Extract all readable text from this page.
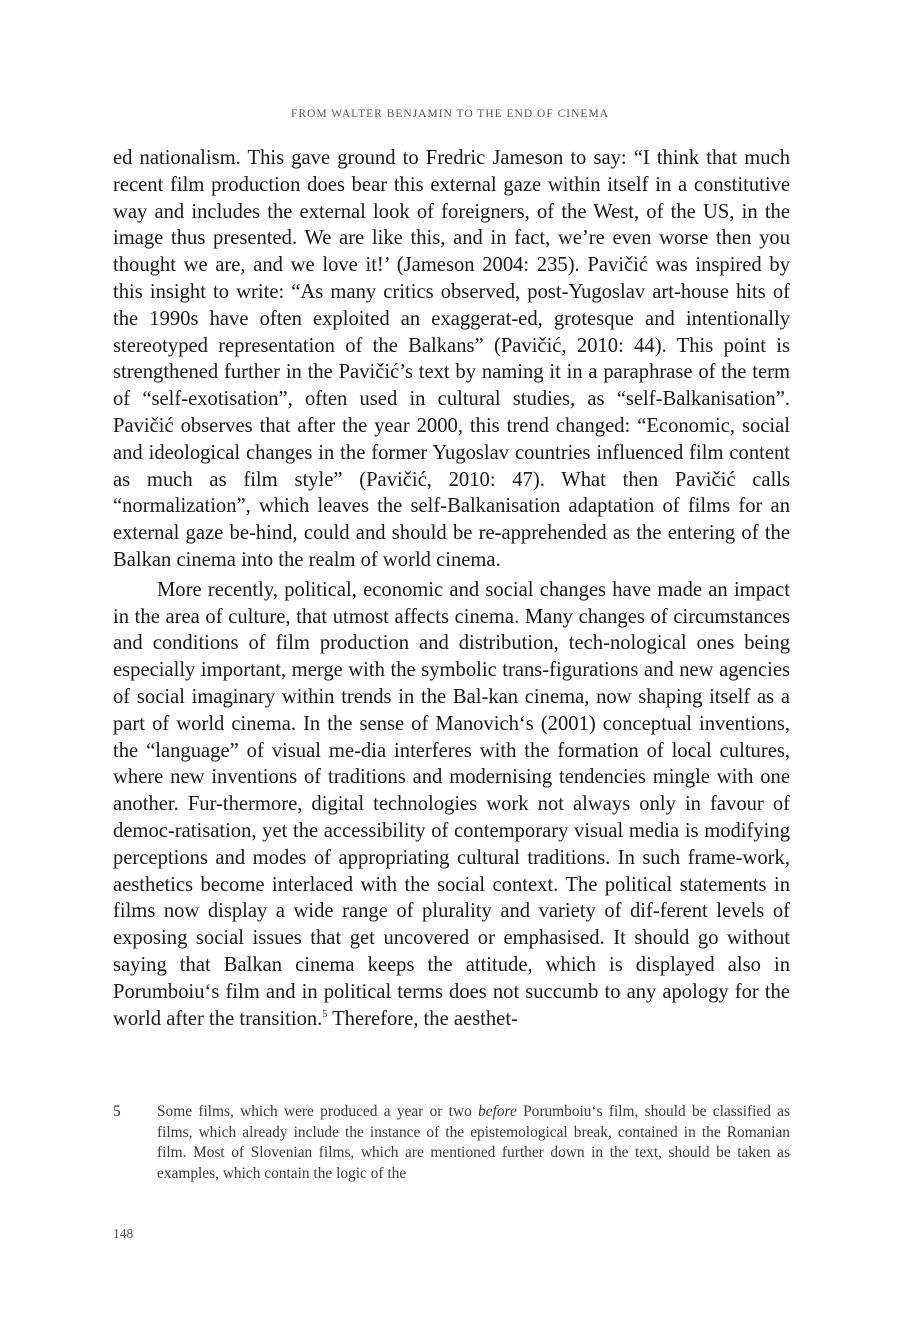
FROM WALTER BENJAMIN TO THE END OF CINEMA

ed nationalism. This gave ground to Fredric Jameson to say: “I think that much recent film production does bear this external gaze within itself in a constitutive way and includes the external look of foreigners, of the West, of the US, in the image thus presented. We are like this, and in fact, we’re even worse then you thought we are, and we love it!’ (Jameson 2004: 235). Pavičić was inspired by this insight to write: “As many critics observed, post-Yugoslav art-house hits of the 1990s have often exploited an exaggerat-ed, grotesque and intentionally stereotyped representation of the Balkans” (Pavičić, 2010: 44). This point is strengthened further in the Pavičić’s text by naming it in a paraphrase of the term of “self-exotisation”, often used in cultural studies, as “self-Balkanisation”. Pavičić observes that after the year 2000, this trend changed: “Economic, social and ideological changes in the former Yugoslav countries influenced film content as much as film style” (Pavičić, 2010: 47). What then Pavičić calls “normalization”, which leaves the self-Balkanisation adaptation of films for an external gaze be-hind, could and should be re-apprehended as the entering of the Balkan cinema into the realm of world cinema.

More recently, political, economic and social changes have made an impact in the area of culture, that utmost affects cinema. Many changes of circumstances and conditions of film production and distribution, tech-nological ones being especially important, merge with the symbolic trans-figurations and new agencies of social imaginary within trends in the Bal-kan cinema, now shaping itself as a part of world cinema. In the sense of Manovich‘s (2001) conceptual inventions, the “language” of visual me-dia interferes with the formation of local cultures, where new inventions of traditions and modernising tendencies mingle with one another. Fur-thermore, digital technologies work not always only in favour of democ-ratisation, yet the accessibility of contemporary visual media is modifying perceptions and modes of appropriating cultural traditions. In such frame-work, aesthetics become interlaced with the social context. The political statements in films now display a wide range of plurality and variety of dif-ferent levels of exposing social issues that get uncovered or emphasised. It should go without saying that Balkan cinema keeps the attitude, which is displayed also in Porumboiu‘s film and in political terms does not succumb to any apology for the world after the transition.$^5$ Therefore, the aesthet-

5 Some films, which were produced a year or two before Porumboiu‘s film, should be classified as films, which already include the instance of the epistemological break, contained in the Romanian film. Most of Slovenian films, which are mentioned further down in the text, should be taken as examples, which contain the logic of the
148
